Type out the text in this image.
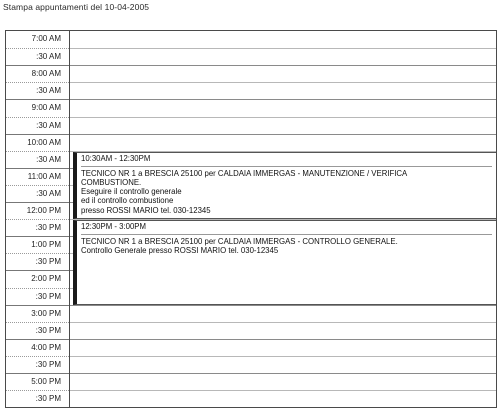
Stampa appuntamenti del 10-04-2005
7:00 AM
:30 AM
8:00 AM
:30 AM
9:00 AM
:30 AM
10:00 AM
:30 AM
11:00 AM
:30 AM
12:00 PM
:30 PM
1:00 PM
:30 PM
2:00 PM
:30 PM
3:00 PM
:30 PM
4:00 PM
:30 PM
5:00 PM
:30 PM
10:30AM - 12:30PM
TECNICO NR 1 a BRESCIA 25100 per CALDAIA IMMERGAS - MANUTENZIONE / VERIFICA
COMBUSTIONE.
Eseguire il controllo generale
ed il controllo combustione
presso ROSSI MARIO tel. 030-12345
12:30PM - 3:00PM
TECNICO NR 1 a BRESCIA 25100 per CALDAIA IMMERGAS - CONTROLLO GENERALE.
Controllo Generale presso ROSSI MARIO tel. 030-12345
